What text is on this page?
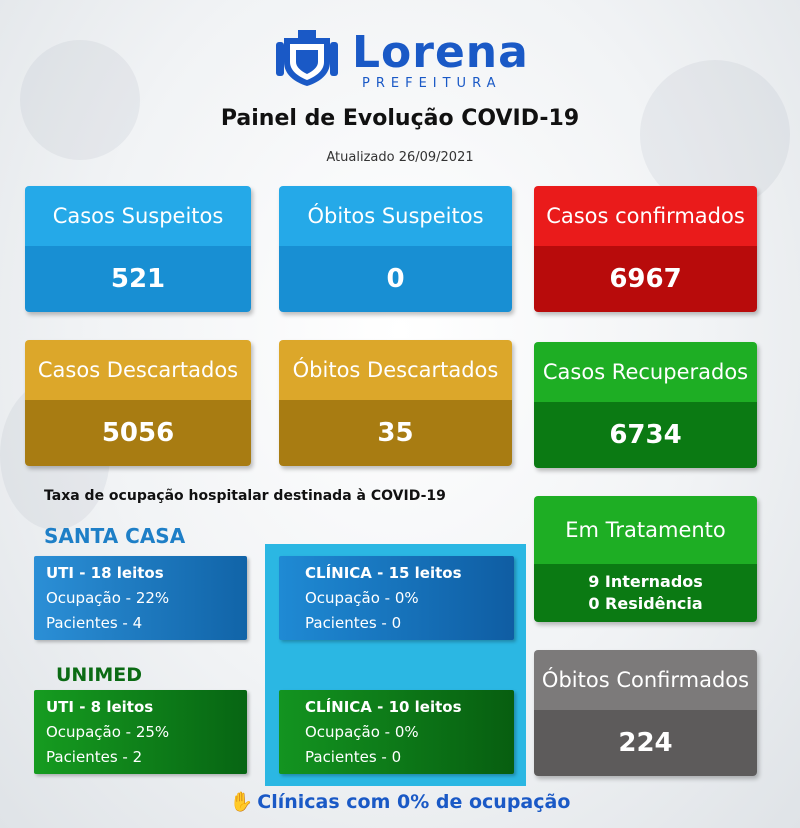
Lorena
PREFEITURA
Painel de Evolução COVID-19
Atualizado 26/09/2021
Casos Suspeitos
521
Óbitos Suspeitos
0
Casos confirmados
6967
Casos Descartados
5056
Óbitos Descartados
35
Casos Recuperados
6734
Em Tratamento
9 Internados
0 Residência
Óbitos Confirmados
224
Taxa de ocupação hospitalar destinada à COVID-19
SANTA CASA
UNIMED
UTI - 18 leitos
Ocupação - 22%
Pacientes - 4
CLÍNICA - 15 leitos
Ocupação - 0%
Pacientes - 0
UTI - 8 leitos
Ocupação - 25%
Pacientes - 2
CLÍNICA - 10 leitos
Ocupação - 0%
Pacientes - 0
✋ Clínicas com 0% de ocupação
